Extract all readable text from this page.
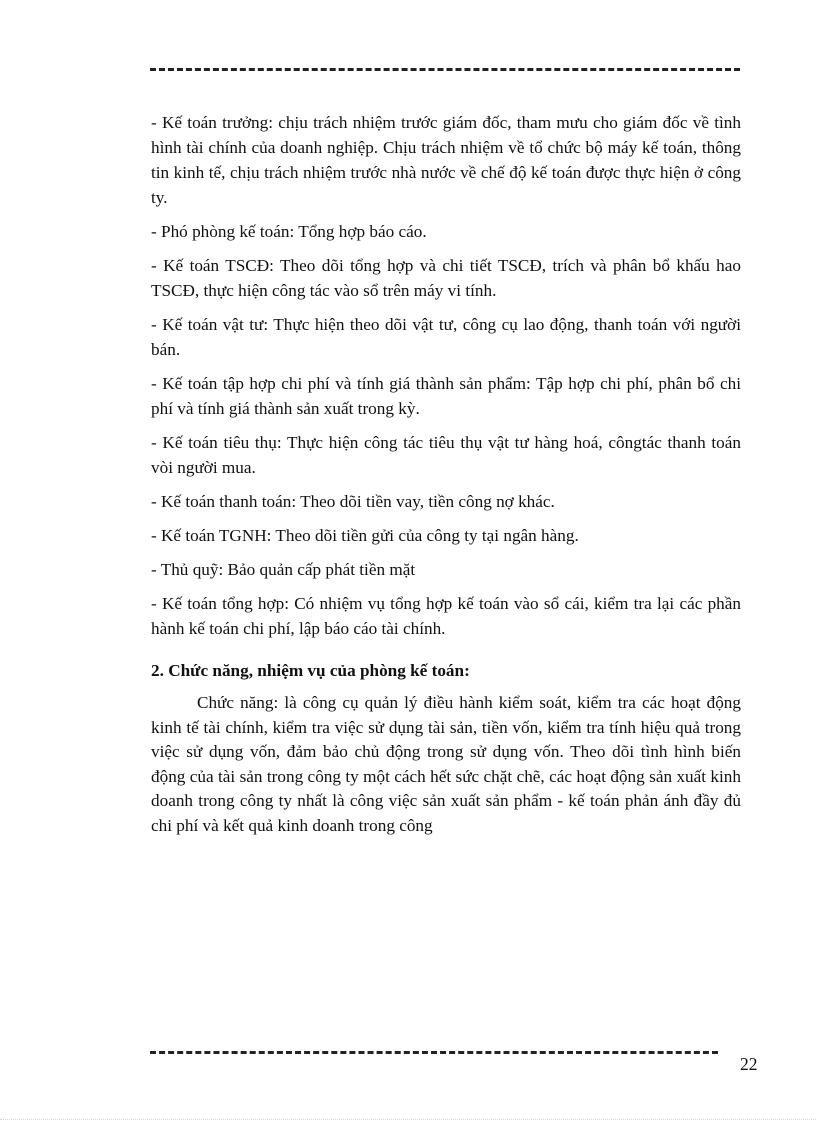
- Kế toán trưởng: chịu trách nhiệm trước giám đốc, tham mưu cho giám đốc về tình hình tài chính của doanh nghiệp. Chịu trách nhiệm về tổ chức bộ máy kế toán, thông tin kinh tế, chịu trách nhiệm trước nhà nước về chế độ kế toán được thực hiện ở công ty.

- Phó phòng kế toán: Tổng hợp báo cáo.

- Kế toán TSCĐ: Theo dõi tổng hợp và chi tiết TSCĐ, trích và phân bổ khấu hao TSCĐ, thực hiện công tác vào sổ trên máy vi tính.

- Kế toán vật tư: Thực hiện theo dõi vật tư, công cụ lao động, thanh toán với người bán.

- Kế toán tập hợp chi phí và tính giá thành sản phẩm: Tập hợp chi phí, phân bổ chi phí và tính giá thành sản xuất trong kỳ.

- Kế toán tiêu thụ: Thực hiện công tác tiêu thụ vật tư hàng hoá, côngtác thanh toán vòi người mua.

- Kế toán thanh toán: Theo dõi tiền vay, tiền công nợ khác.

- Kế toán TGNH: Theo dõi tiền gửi của công ty tại ngân hàng.

- Thủ quỹ: Bảo quản cấp phát tiền mặt

- Kế toán tổng hợp: Có nhiệm vụ tổng hợp kế toán vào sổ cái, kiểm tra lại các phần hành kế toán chi phí, lập báo cáo tài chính.

2. Chức năng, nhiệm vụ của phòng kế toán:

Chức năng: là công cụ quản lý điều hành kiểm soát, kiểm tra các hoạt động kinh tế tài chính, kiểm tra việc sử dụng tài sản, tiền vốn, kiểm tra tính hiệu quả trong việc sử dụng vốn, đảm bảo chủ động trong sử dụng vốn. Theo dõi tình hình biến động của tài sản trong công ty một cách hết sức chặt chẽ, các hoạt động sản xuất kinh doanh trong công ty nhất là công việc sản xuất sản phẩm - kế toán phản ánh đầy đủ chi phí và kết quả kinh doanh trong công

22
